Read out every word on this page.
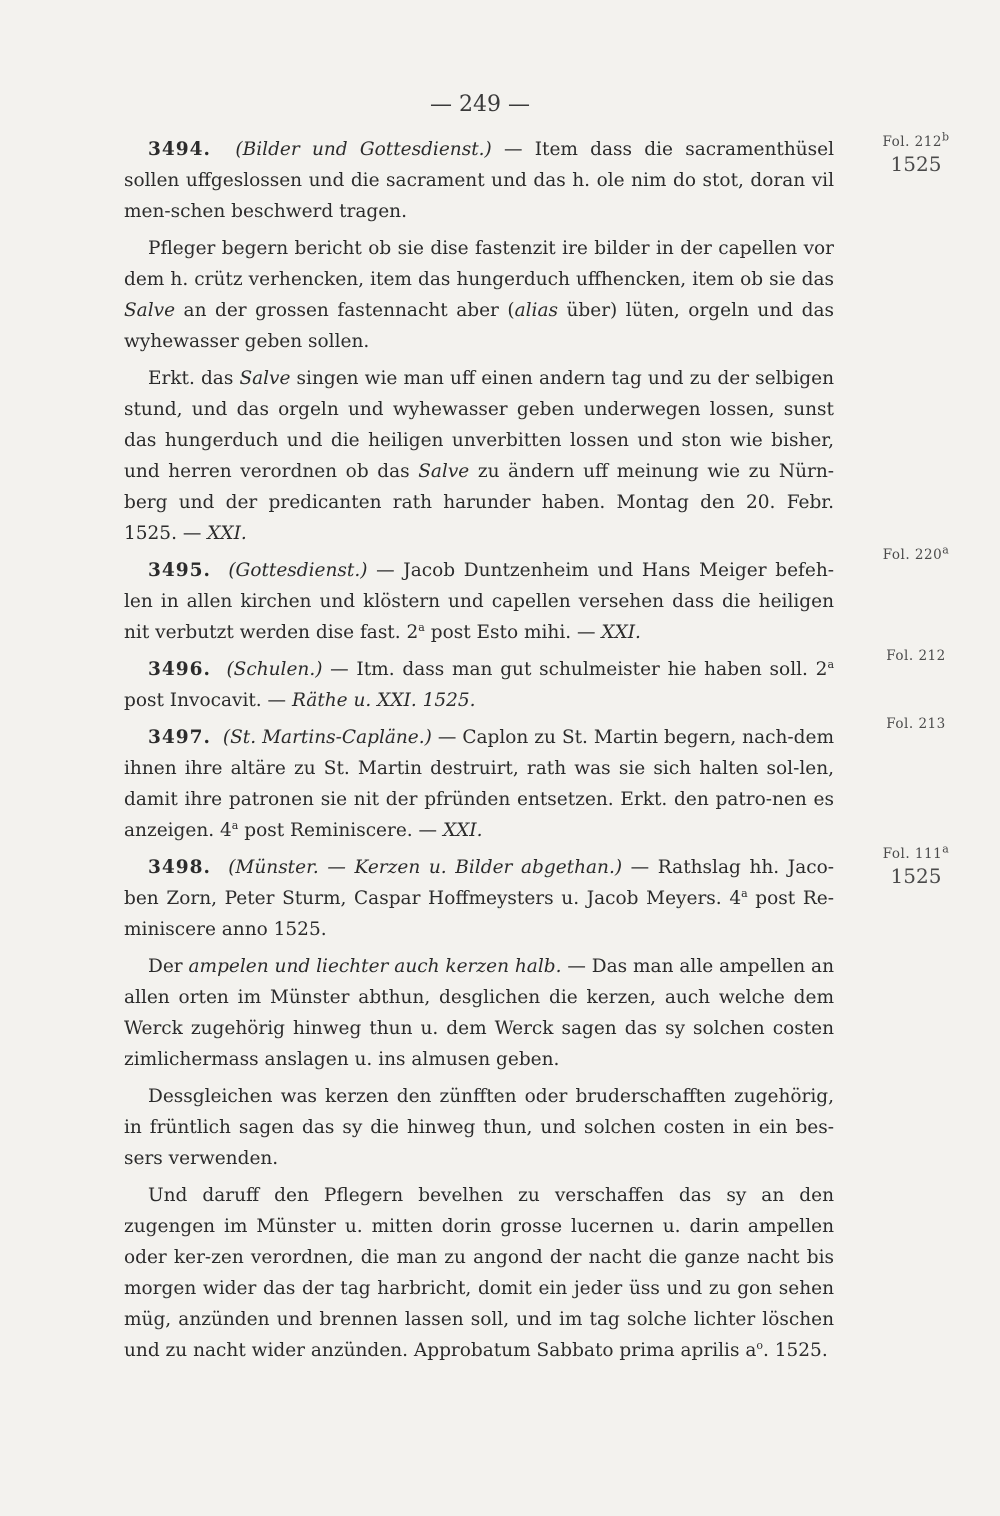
— 249 —

3494. (Bilder und Gottesdienst.) — Item dass die sacramenthüsel sollen uffgeslossen und die sacrament und das h. ole nim do stot, doran vil men-schen beschwerd tragen.

Pfleger begern bericht ob sie dise fastenzit ire bilder in der capellen vor dem h. crütz verhencken, item das hungerduch uffhencken, item ob sie das Salve an der grossen fastennacht aber (alias über) lüten, orgeln und das wyhewasser geben sollen.

Erkt. das Salve singen wie man uff einen andern tag und zu der selbigen stund, und das orgeln und wyhewasser geben underwegen lossen, sunst das hungerduch und die heiligen unverbitten lossen und ston wie bisher, und herren verordnen ob das Salve zu ändern uff meinung wie zu Nürn-berg und der predicanten rath harunder haben. Montag den 20. Febr. 1525. — XXI.

3495. (Gottesdienst.) — Jacob Duntzenheim und Hans Meiger befeh-len in allen kirchen und klöstern und capellen versehen dass die heiligen nit verbutzt werden dise fast. 2$^a$ post Esto mihi. — XXI.

3496. (Schulen.) — Itm. dass man gut schulmeister hie haben soll. 2$^a$ post Invocavit. — Räthe u. XXI. 1525.

3497. (St. Martins-Capläne.) — Caplon zu St. Martin begern, nach-dem ihnen ihre altäre zu St. Martin destruirt, rath was sie sich halten sol-len, damit ihre patronen sie nit der pfründen entsetzen. Erkt. den patro-nen es anzeigen. 4$^a$ post Reminiscere. — XXI.

3498. (Münster. — Kerzen u. Bilder abgethan.) — Rathslag hh. Jaco-ben Zorn, Peter Sturm, Caspar Hoffmeysters u. Jacob Meyers. 4$^a$ post Re-miniscere anno 1525.

Der ampelen und liechter auch kerzen halb. — Das man alle ampellen an allen orten im Münster abthun, desglichen die kerzen, auch welche dem Werck zugehörig hinweg thun u. dem Werck sagen das sy solchen costen zimlichermass anslagen u. ins almusen geben.

Dessgleichen was kerzen den zünfften oder bruderschafften zugehörig, in früntlich sagen das sy die hinweg thun, und solchen costen in ein bes-sers verwenden.

Und daruff den Pflegern bevelhen zu verschaffen das sy an den zugengen im Münster u. mitten dorin grosse lucernen u. darin ampellen oder ker-zen verordnen, die man zu angond der nacht die ganze nacht bis morgen wider das der tag harbricht, domit ein jeder üss und zu gon sehen müg, anzünden und brennen lassen soll, und im tag solche lichter löschen und zu nacht wider anzünden. Approbatum Sabbato prima aprilis $a^o$. 1525.

Fol. 212$^b$
1525
Fol. 220$^a$
Fol. 212
Fol. 213
Fol. 111$^a$
1525
